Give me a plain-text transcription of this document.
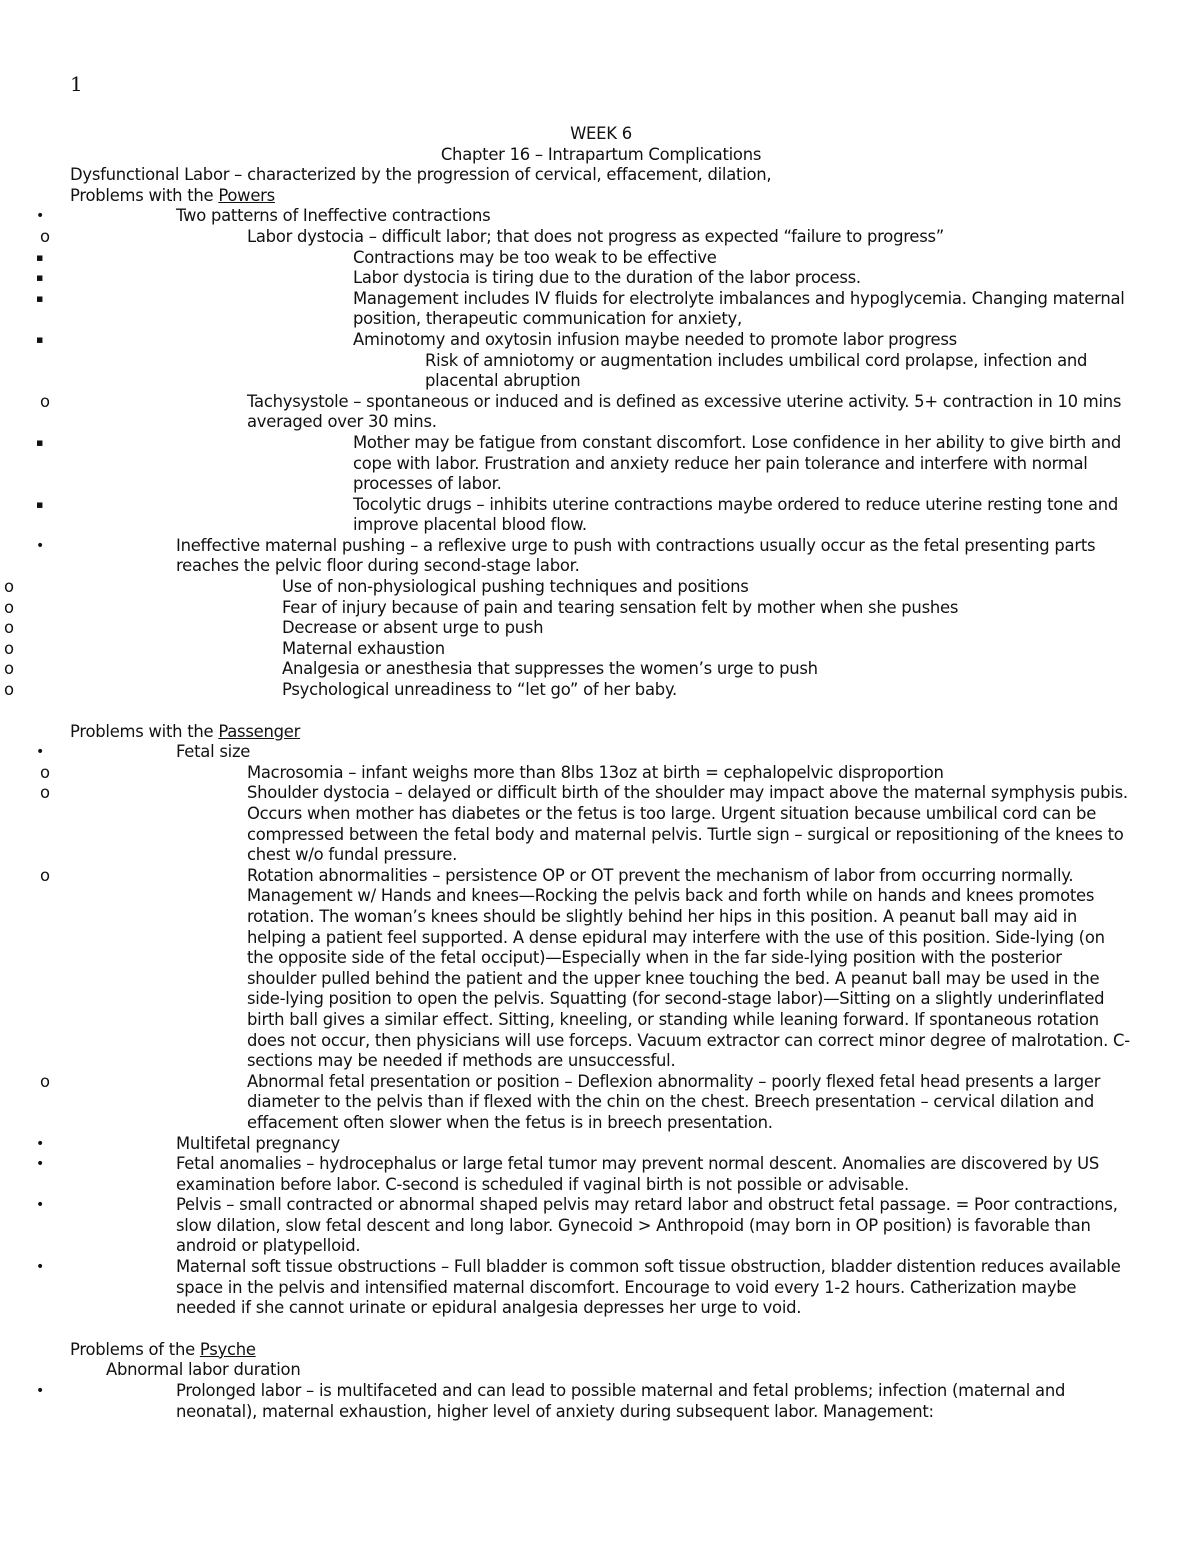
1
WEEK 6
Chapter 16 – Intrapartum Complications
Dysfunctional Labor – characterized by the progression of cervical, effacement, dilation,
Problems with the Powers
•	Two patterns of Ineffective contractions
o	Labor dystocia – difficult labor; that does not progress as expected “failure to progress”
▪	Contractions may be too weak to be effective
▪	Labor dystocia is tiring due to the duration of the labor process.
▪	Management includes IV fluids for electrolyte imbalances and hypoglycemia. Changing maternal position, therapeutic communication for anxiety,
▪	Aminotomy and oxytosin infusion maybe needed to promote labor progress
Risk of amniotomy or augmentation includes umbilical cord prolapse, infection and placental abruption
o	Tachysystole – spontaneous or induced and is defined as excessive uterine activity. 5+ contraction in 10 mins averaged over 30 mins.
▪	Mother may be fatigue from constant discomfort. Lose confidence in her ability to give birth and cope with labor. Frustration and anxiety reduce her pain tolerance and interfere with normal processes of labor.
▪	Tocolytic drugs – inhibits uterine contractions maybe ordered to reduce uterine resting tone and improve placental blood flow.
•	Ineffective maternal pushing – a reflexive urge to push with contractions usually occur as the fetal presenting parts reaches the pelvic floor during second-stage labor.
o	Use of non-physiological pushing techniques and positions
o	Fear of injury because of pain and tearing sensation felt by mother when she pushes
o	Decrease or absent urge to push
o	Maternal exhaustion
o	Analgesia or anesthesia that suppresses the women’s urge to push
o	Psychological unreadiness to “let go” of her baby.
Problems with the Passenger
•	Fetal size
o	Macrosomia – infant weighs more than 8lbs 13oz at birth = cephalopelvic disproportion
o	Shoulder dystocia – delayed or difficult birth of the shoulder may impact above the maternal symphysis pubis. Occurs when mother has diabetes or the fetus is too large. Urgent situation because umbilical cord can be compressed between the fetal body and maternal pelvis. Turtle sign – surgical or repositioning of the knees to chest w/o fundal pressure.
o	Rotation abnormalities – persistence OP or OT prevent the mechanism of labor from occurring normally. Management w/ Hands and knees—Rocking the pelvis back and forth while on hands and knees promotes rotation. The woman’s knees should be slightly behind her hips in this position. A peanut ball may aid in helping a patient feel supported. A dense epidural may interfere with the use of this position. Side-lying (on the opposite side of the fetal occiput)—Especially when in the far side-lying position with the posterior shoulder pulled behind the patient and the upper knee touching the bed. A peanut ball may be used in the side-lying position to open the pelvis. Squatting (for second-stage labor)—Sitting on a slightly underinflated birth ball gives a similar effect. Sitting, kneeling, or standing while leaning forward. If spontaneous rotation does not occur, then physicians will use forceps. Vacuum extractor can correct minor degree of malrotation. C-sections may be needed if methods are unsuccessful.
o	Abnormal fetal presentation or position – Deflexion abnormality – poorly flexed fetal head presents a larger diameter to the pelvis than if flexed with the chin on the chest. Breech presentation – cervical dilation and effacement often slower when the fetus is in breech presentation.
•	Multifetal pregnancy
•	Fetal anomalies – hydrocephalus or large fetal tumor may prevent normal descent. Anomalies are discovered by US examination before labor. C-second is scheduled if vaginal birth is not possible or advisable.
•	Pelvis – small contracted or abnormal shaped pelvis may retard labor and obstruct fetal passage. = Poor contractions, slow dilation, slow fetal descent and long labor. Gynecoid > Anthropoid (may born in OP position) is favorable than android or platypelloid.
•	Maternal soft tissue obstructions – Full bladder is common soft tissue obstruction, bladder distention reduces available space in the pelvis and intensified maternal discomfort. Encourage to void every 1-2 hours. Catherization maybe needed if she cannot urinate or epidural analgesia depresses her urge to void.
Problems of the Psyche
Abnormal labor duration
•	Prolonged labor – is multifaceted and can lead to possible maternal and fetal problems; infection (maternal and neonatal), maternal exhaustion, higher level of anxiety during subsequent labor. Management:
